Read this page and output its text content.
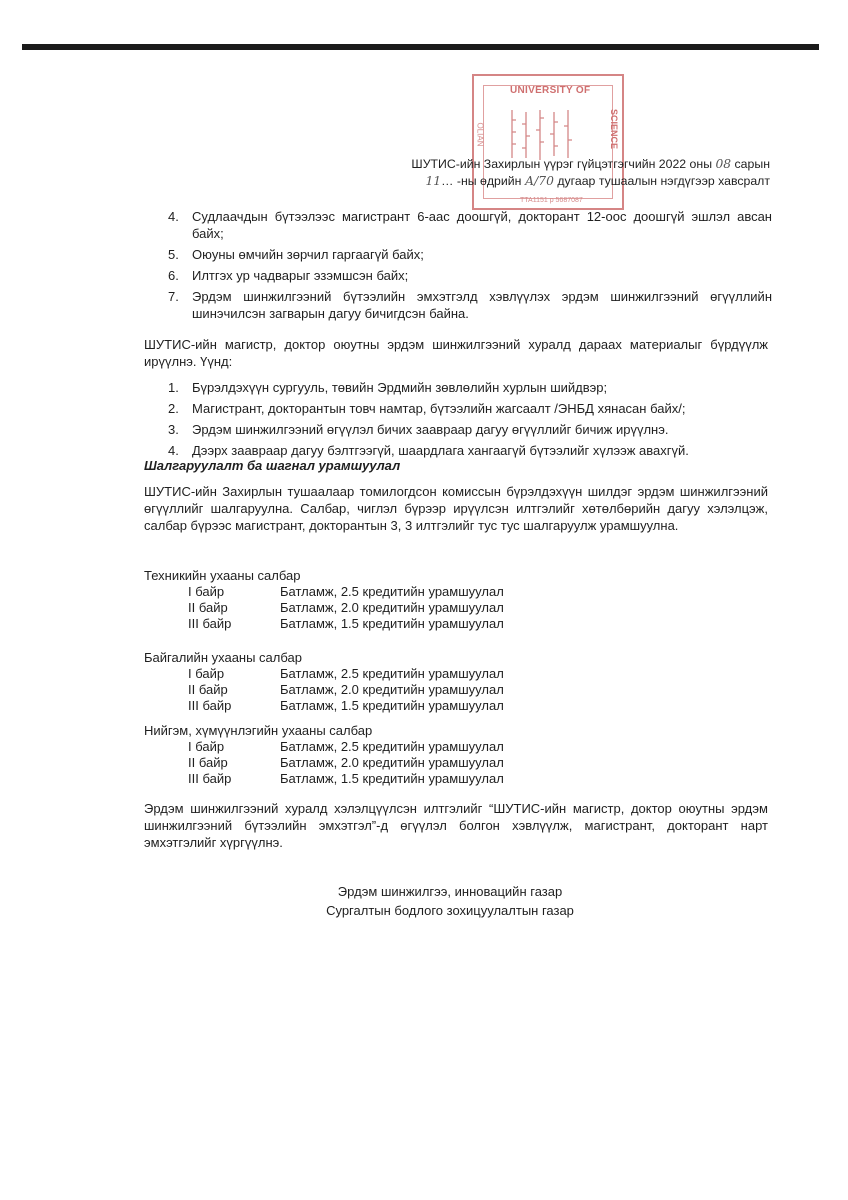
UNIVERSITY OF
OLIAN	SCIENCE
TTA1151 p 5687087
ШУТИС-ийн Захирлын үүрэг гүйцэтгэгчийн 2022 оны 08 сарын
11… -ны өдрийн А/70 дугаар тушаалын нэгдүгээр хавсралт
4. Судлаачдын бүтээлээс магистрант 6-аас доошгүй, докторант 12-оос доошгүй эшлэл авсан байх;
5. Оюуны өмчийн зөрчил гаргаагүй байх;
6. Илтгэх ур чадварыг эзэмшсэн байх;
7. Эрдэм шинжилгээний бүтээлийн эмхэтгэлд хэвлүүлэх эрдэм шинжилгээний өгүүллийн шинэчилсэн загварын дагуу бичигдсэн байна.

ШУТИС-ийн магистр, доктор оюутны эрдэм шинжилгээний хуралд дараах материалыг бүрдүүлж ирүүлнэ. Үүнд:

1. Бүрэлдэхүүн сургууль, төвийн Эрдмийн зөвлөлийн хурлын шийдвэр;
2. Магистрант, докторантын товч намтар, бүтээлийн жагсаалт /ЭНБД хянасан байх/;
3. Эрдэм шинжилгээний өгүүлэл бичих заавраар дагуу өгүүллийг бичиж ирүүлнэ.
4. Дээрх заавраар дагуу бэлтгээгүй, шаардлага хангаагүй бүтээлийг хүлээж авахгүй.

Шалгаруулалт ба шагнал урамшуулал

ШУТИС-ийн Захирлын тушаалаар томилогдсон комиссын бүрэлдэхүүн шилдэг эрдэм шинжилгээний өгүүллийг шалгаруулна. Салбар, чиглэл бүрээр ирүүлсэн илтгэлийг хөтөлбөрийн дагуу хэлэлцэж, салбар бүрээс магистрант, докторантын 3, 3 илтгэлийг тус тус шалгаруулж урамшуулна.

Техникийн ухааны салбар

I байр	Батламж, 2.5 кредитийн урамшуулал
II байр	Батламж, 2.0 кредитийн урамшуулал
III байр	Батламж, 1.5 кредитийн урамшуулал

Байгалийн ухааны салбар

I байр	Батламж, 2.5 кредитийн урамшуулал
II байр	Батламж, 2.0 кредитийн урамшуулал
III байр	Батламж, 1.5 кредитийн урамшуулал

Нийгэм, хүмүүнлэгийн ухааны салбар

I байр	Батламж, 2.5 кредитийн урамшуулал
II байр	Батламж, 2.0 кредитийн урамшуулал
III байр	Батламж, 1.5 кредитийн урамшуулал

Эрдэм шинжилгээний хуралд хэлэлцүүлсэн илтгэлийг “ШУТИС-ийн магистр, доктор оюутны эрдэм шинжилгээний бүтээлийн эмхэтгэл”-д өгүүлэл болгон хэвлүүлж, магистрант, докторант нарт эмхэтгэлийг хүргүүлнэ.

Эрдэм шинжилгээ, инновацийн газар
Сургалтын бодлого зохицуулалтын газар
